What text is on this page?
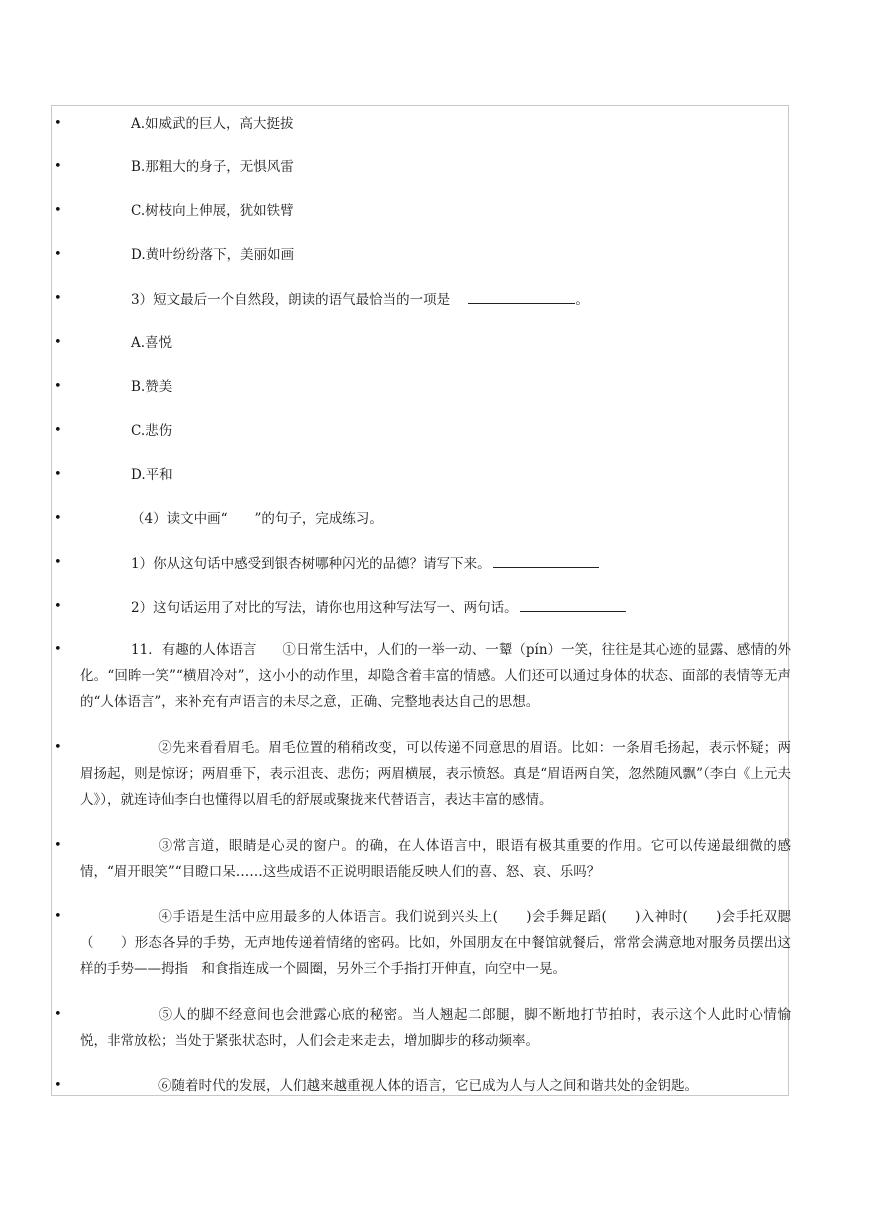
•	A.如威武的巨人，高大挺拔
•	B.那粗大的身子，无惧风雷
•	C.树枝向上伸展，犹如铁臂
•	D.黄叶纷纷落下，美丽如画
•	3）短文最后一个自然段，朗读的语气最恰当的一项是	。
•	A.喜悦
•	B.赞美
•	C.悲伤
•	D.平和
•	（4）读文中画“　　”的句子，完成练习。
•	1）你从这句话中感受到银杏树哪种闪光的品德？请写下来。
•	2）这句话运用了对比的写法，请你也用这种写法写一、两句话。
•	11．有趣的人体语言 ①日常生活中，人们的一举一动、一颦（pín）一笑，往往是其心迹的显露、感情的外化。“回眸一笑”“横眉冷对”，这小小的动作里，却隐含着丰富的情感。人们还可以通过身体的状态、面部的表情等无声的“人体语言”，来补充有声语言的未尽之意，正确、完整地表达自己的思想。
•	②先来看看眉毛。眉毛位置的稍稍改变，可以传递不同意思的眉语。比如：一条眉毛扬起，表示怀疑；两眉扬起，则是惊讶；两眉垂下，表示沮丧、悲伤；两眉横展，表示愤怒。真是“眉语两自笑，忽然随风飘”（李白《上元夫人》），就连诗仙李白也懂得以眉毛的舒展或聚拢来代替语言，表达丰富的感情。
•	③常言道，眼睛是心灵的窗户。的确，在人体语言中，眼语有极其重要的作用。它可以传递最细微的感情，“眉开眼笑”“目瞪口呆……这些成语不正说明眼语能反映人们的喜、怒、哀、乐吗？
•	④手语是生活中应用最多的人体语言。我们说到兴头上(　　)会手舞足蹈(　　)入神时(　　)会手托双腮（　　）形态各异的手势，无声地传递着情绪的密码。比如，外国朋友在中餐馆就餐后，常常会满意地对服务员摆出这样的手势——拇指　和食指连成一个圆圈，另外三个手指打开伸直，向空中一晃。
•	⑤人的脚不经意间也会泄露心底的秘密。当人翘起二郎腿，脚不断地打节拍时，表示这个人此时心情愉悦，非常放松；当处于紧张状态时，人们会走来走去，增加脚步的移动频率。
•	⑥随着时代的发展，人们越来越重视人体的语言，它已成为人与人之间和谐共处的金钥匙。
